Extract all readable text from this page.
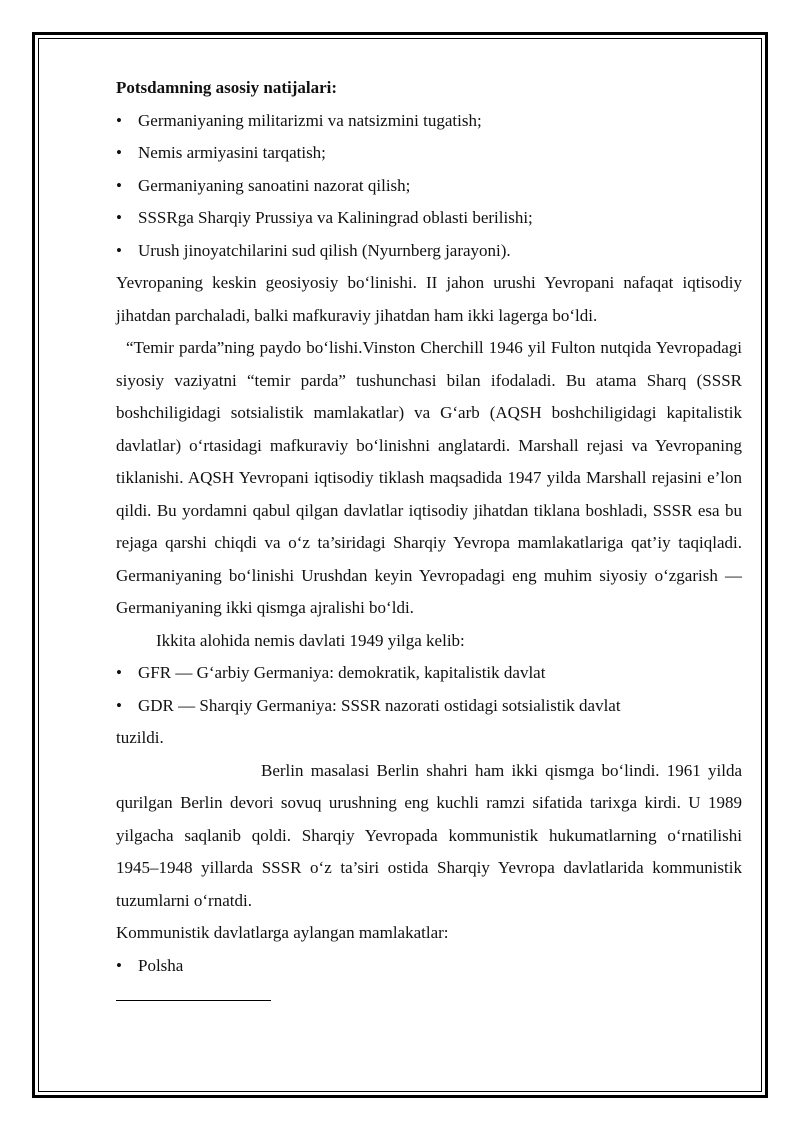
Potsdamning asosiy natijalari:

• Germaniyaning militarizmi va natsizmini tugatish;
• Nemis armiyasini tarqatish;
• Germaniyaning sanoatini nazorat qilish;
• SSSRga Sharqiy Prussiya va Kaliningrad oblasti berilishi;
• Urush jinoyatchilarini sud qilish (Nyurnberg jarayoni).

Yevropaning keskin geosiyosiy boʻlinishi. II jahon urushi Yevropani nafaqat iqtisodiy jihatdan parchaladi, balki mafkuraviy jihatdan ham ikki lagerga boʻldi.

“Temir parda”ning paydo boʻlishi.Vinston Cherchill 1946 yil Fulton nutqida Yevropadagi siyosiy vaziyatni “temir parda” tushunchasi bilan ifodaladi. Bu atama Sharq (SSSR boshchiligidagi sotsialistik mamlakatlar) va Gʻarb (AQSH boshchiligidagi kapitalistik davlatlar) oʻrtasidagi mafkuraviy boʻlinishni anglatardi. Marshall rejasi va Yevropaning tiklanishi. AQSH Yevropani iqtisodiy tiklash maqsadida 1947 yilda Marshall rejasini e’lon qildi. Bu yordamni qabul qilgan davlatlar iqtisodiy jihatdan tiklana boshladi, SSSR esa bu rejaga qarshi chiqdi va oʻz ta’siridagi Sharqiy Yevropa mamlakatlariga qat’iy taqiqladi. Germaniyaning boʻlinishi Urushdan keyin Yevropadagi eng muhim siyosiy oʻzgarish — Germaniyaning ikki qismga ajralishi boʻldi.

Ikkita alohida nemis davlati 1949 yilga kelib:

• GFR — Gʻarbiy Germaniya: demokratik, kapitalistik davlat
• GDR — Sharqiy Germaniya: SSSR nazorati ostidagi sotsialistik davlat

tuzildi.

Berlin masalasi Berlin shahri ham ikki qismga boʻlindi. 1961 yilda qurilgan Berlin devori sovuq urushning eng kuchli ramzi sifatida tarixga kirdi. U 1989 yilgacha saqlanib qoldi. Sharqiy Yevropada kommunistik hukumatlarning oʻrnatilishi 1945–1948 yillarda SSSR oʻz ta’siri ostida Sharqiy Yevropa davlatlarida kommunistik tuzumlarni oʻrnatdi.

Kommunistik davlatlarga aylangan mamlakatlar:

• Polsha
